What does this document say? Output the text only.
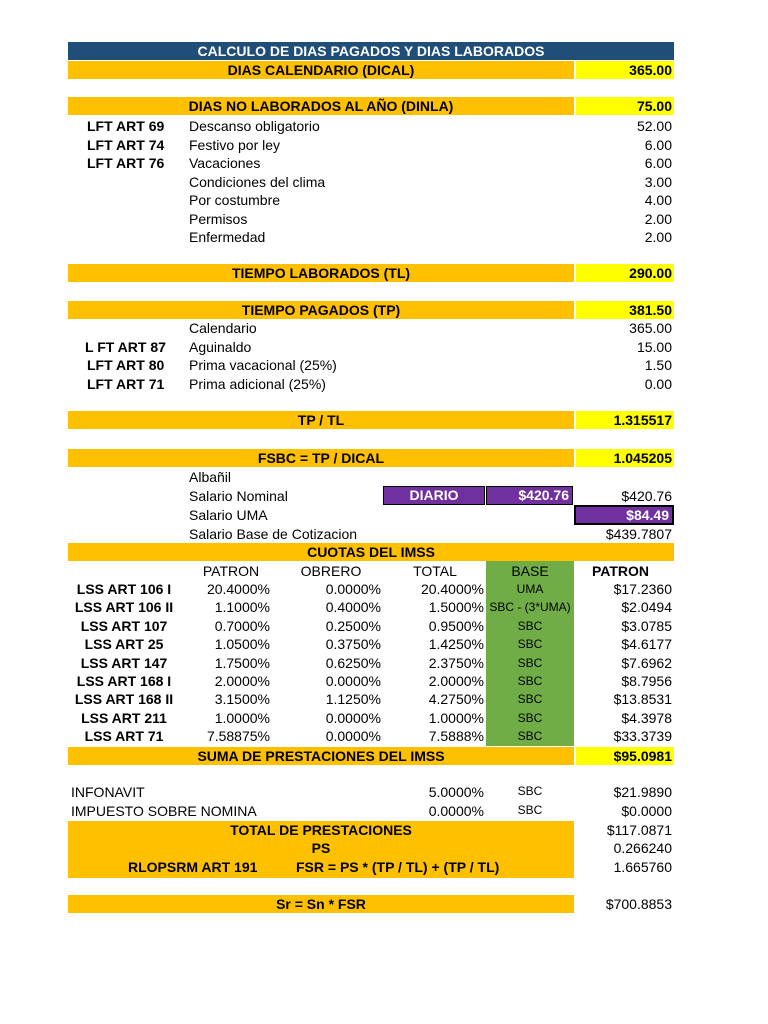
CALCULO DE DIAS PAGADOS Y DIAS LABORADOS
DIAS CALENDARIO (DICAL)	365.00
DIAS NO LABORADOS AL AÑO (DINLA)	75.00
LFT ART 69 Descanso obligatorio	52.00
LFT ART 74 Festivo por ley	6.00
LFT ART 76 Vacaciones	6.00
Condiciones del clima	3.00
Por costumbre	4.00
Permisos	2.00
Enfermedad	2.00
TIEMPO LABORADOS (TL)	290.00
TIEMPO PAGADOS (TP)	381.50
Calendario	365.00
L FT ART 87 Aguinaldo	15.00
LFT ART 80 Prima vacacional (25%)	1.50
LFT ART 71 Prima adicional (25%)	0.00
TP / TL	1.315517
FSBC = TP / DICAL	1.045205
Albañil
Salario Nominal	DIARIO	$420.76	$420.76
Salario UMA	$84.49
Salario Base de Cotizacion	$439.7807
CUOTAS DEL IMSS
PATRON	OBRERO	TOTAL	BASE	PATRON
LSS ART 106 I	20.4000%	0.0000%	20.4000%	UMA	$17.2360
LSS ART 106 II	1.1000%	0.4000%	1.5000% SBC - (3*UMA)	$2.0494
LSS ART 107	0.7000%	0.2500%	0.9500%	SBC	$3.0785
LSS ART 25	1.0500%	0.3750%	1.4250%	SBC	$4.6177
LSS ART 147	1.7500%	0.6250%	2.3750%	SBC	$7.6962
LSS ART 168 I	2.0000%	0.0000%	2.0000%	SBC	$8.7956
LSS ART 168 II	3.1500%	1.1250%	4.2750%	SBC	$13.8531
LSS ART 211	1.0000%	0.0000%	1.0000%	SBC	$4.3978
LSS ART 71	7.58875%	0.0000%	7.5888%	SBC	$33.3739
SUMA DE PRESTACIONES DEL IMSS	$95.0981
INFONAVIT	5.0000%	SBC	$21.9890
IMPUESTO SOBRE NOMINA	0.0000%	SBC	$0.0000
TOTAL DE PRESTACIONES	$117.0871
PS	0.266240
RLOPSRM ART 191	FSR = PS * (TP / TL) + (TP / TL)	1.665760
Sr = Sn * FSR	$700.8853
